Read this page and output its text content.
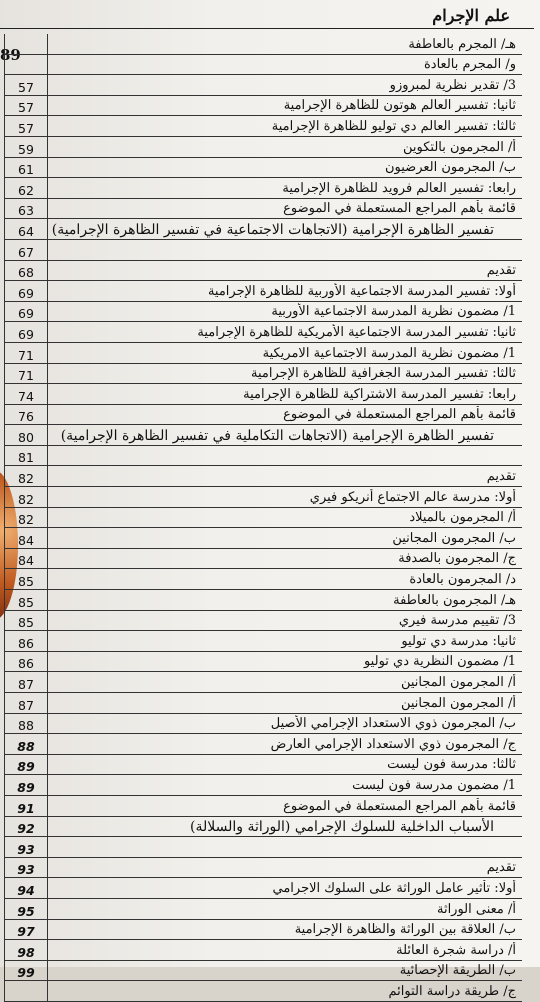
علم الإجرام
89
هـ/ المجرم بالعاطفة
و/ المجرم بالعادة
57	3/ تقدير نظرية لمبروزو
57	ثانيا: تفسير العالم هوتون للظاهرة الإجرامية
57	ثالثا: تفسير العالم دي توليو للظاهرة الإجرامية
59	أ/ المجرمون بالتكوين
61	ب/ المجرمون العرضيون
62	رابعا: تفسير العالم فرويد للظاهرة الإجرامية
63	قائمة بأهم المراجع المستعملة في الموضوع
64	تفسير الظاهرة الإجرامية (الاتجاهات الاجتماعية في تفسير الظاهرة الإجرامية)
67
68	تقديم
69	أولا: تفسير المدرسة الاجتماعية الأوربية للظاهرة الإجرامية
69	1/ مضمون نظرية المدرسة الاجتماعية الأوربية
69	ثانيا: تفسير المدرسة الاجتماعية الأمريكية للظاهرة الإجرامية
71	1/ مضمون نظرية المدرسة الاجتماعية الامريكية
71	ثالثا: تفسير المدرسة الجغرافية للظاهرة الإجرامية
74	رابعا: تفسير المدرسة الاشتراكية للظاهرة الإجرامية
76	قائمة بأهم المراجع المستعملة في الموضوع
80	تفسير الظاهرة الإجرامية (الاتجاهات التكاملية في تفسير الظاهرة الإجرامية)
81
82	تقديم
82	أولا: مدرسة عالم الاجتماع أنريكو فيري
82	أ/ المجرمون بالميلاد
84	ب/ المجرمون المجانين
84	ج/ المجرمون بالصدفة
85	د/ المجرمون بالعادة
85	هـ/ المجرمون بالعاطفة
85	3/ تقييم مدرسة فيري
86	ثانيا: مدرسة دي توليو
86	1/ مضمون النظرية دي توليو
87	أ/ المجرمون المجانين
87	أ/ المجرمون المجانين
88	ب/ المجرمون ذوي الاستعداد الإجرامي الأصيل
88	ج/ المجرمون ذوي الاستعداد الإجرامي العارض
89	ثالثا: مدرسة فون ليست
89	1/ مضمون مدرسة فون ليست
91	قائمة بأهم المراجع المستعملة في الموضوع
92	الأسباب الداخلية للسلوك الإجرامي (الوراثة والسلالة)
93
93	تقديم
94	أولا: تأثير عامل الوراثة على السلوك الاجرامي
95	أ/ معنى الوراثة
97	ب/ العلاقة بين الوراثة والظاهرة الإجرامية
98	أ/ دراسة شجرة العائلة
99	ب/ الطريقة الإحصائية
ج/ طريقة دراسة التوائم
